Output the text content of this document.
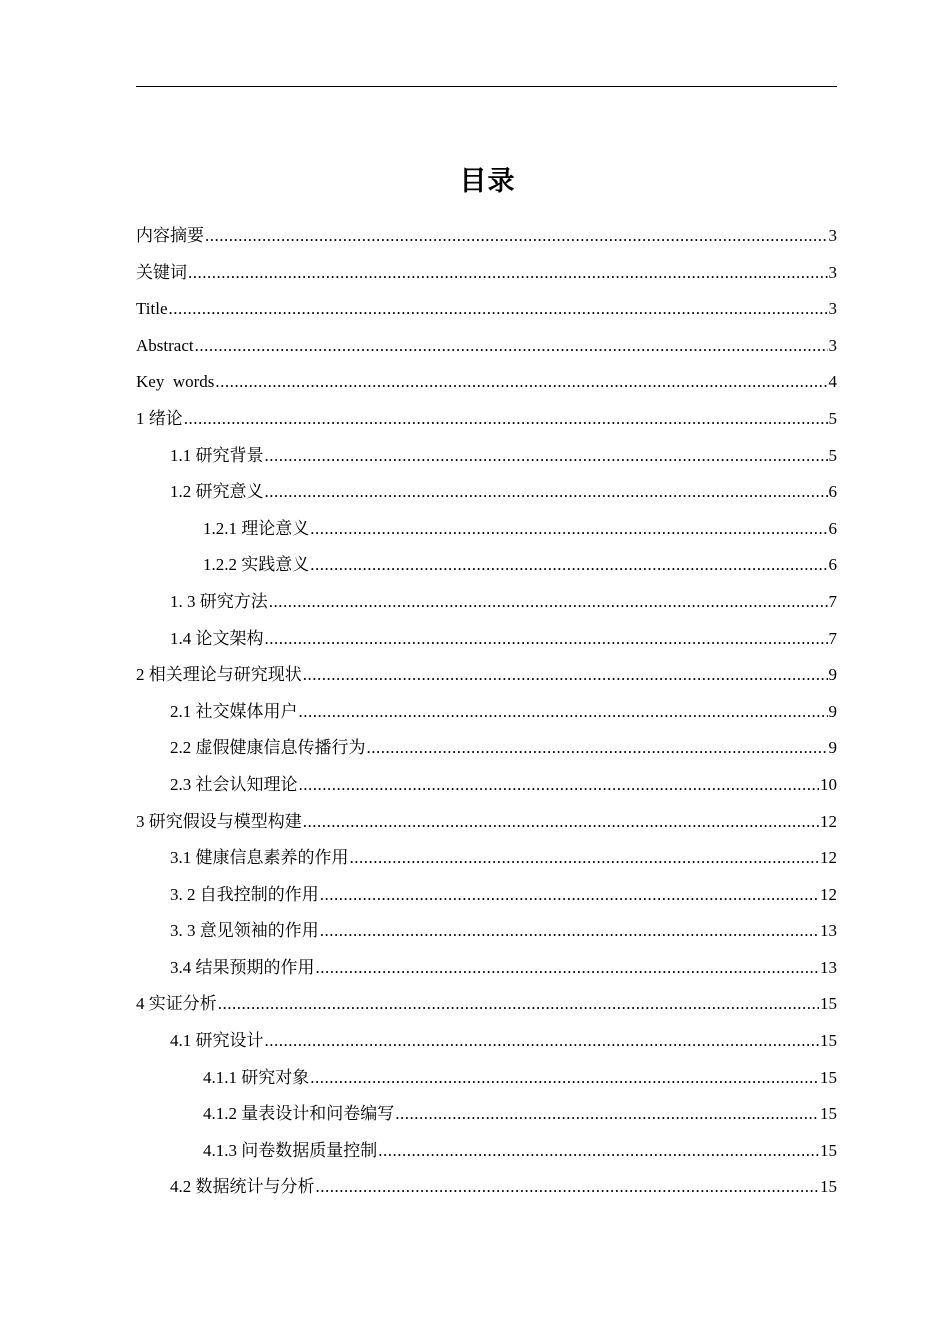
目录
内容摘要 .....	3
关键词 .....	3
Title .....	3
Abstract .....	3
Key  words .....	4
1 绪论 .....	5
1.1 研究背景 .....	5
1.2 研究意义 .....	6
1.2.1 理论意义 .....	6
1.2.2 实践意义 .....	6
1. 3 研究方法 .....	7
1.4 论文架构 .....	7
2 相关理论与研究现状 .....	9
2.1 社交媒体用户 .....	9
2.2 虚假健康信息传播行为 .....	9
2.3 社会认知理论 .....	10
3 研究假设与模型构建 .....	12
3.1 健康信息素养的作用 .....	12
3. 2 自我控制的作用 .....	12
3. 3 意见领袖的作用 .....	13
3.4 结果预期的作用 .....	13
4 实证分析 .....	15
4.1 研究设计 .....	15
4.1.1 研究对象 .....	15
4.1.2 量表设计和问卷编写 .....	15
4.1.3 问卷数据质量控制 .....	15
4.2 数据统计与分析 .....	15
